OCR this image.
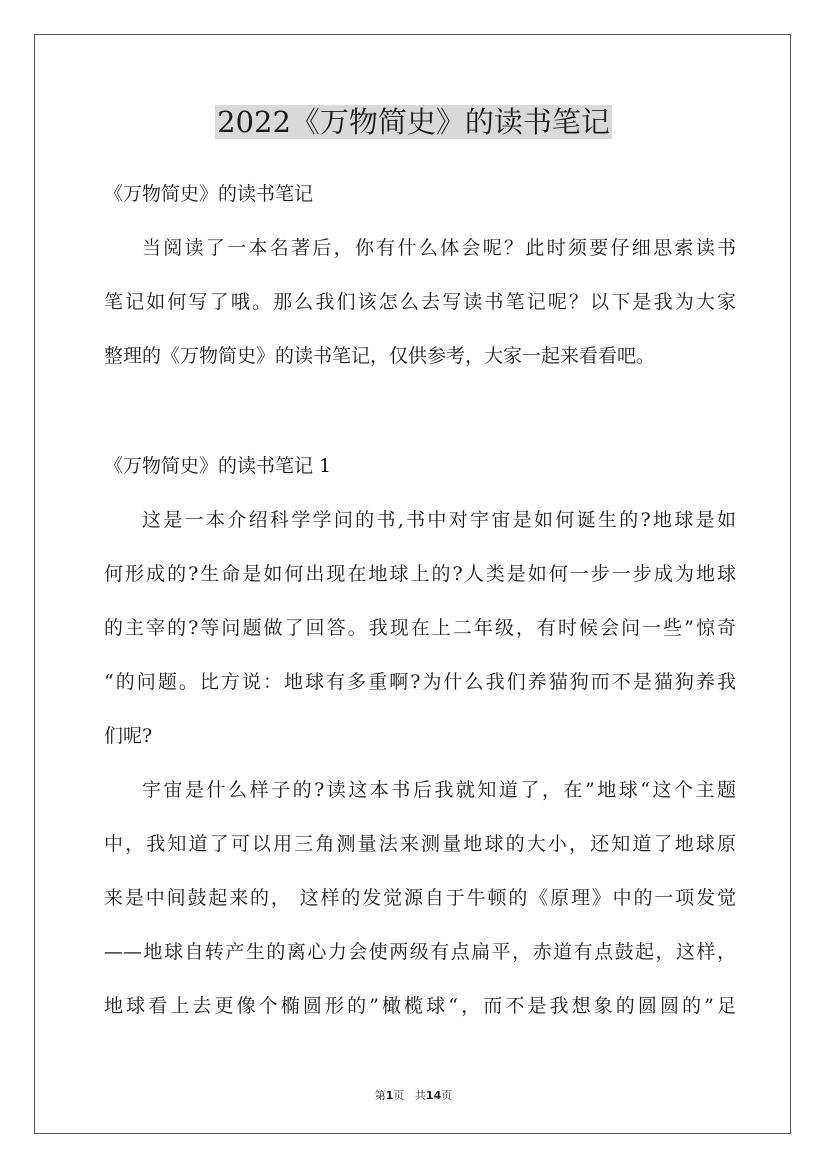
2022《万物简史》的读书笔记
《万物简史》的读书笔记
当阅读了一本名著后，你有什么体会呢？此时须要仔细思索读书
笔记如何写了哦。那么我们该怎么去写读书笔记呢？以下是我为大家
整理的《万物简史》的读书笔记，仅供参考，大家一起来看看吧。
《万物简史》的读书笔记 1
这是一本介绍科学学问的书,书中对宇宙是如何诞生的?地球是如
何形成的?生命是如何出现在地球上的?人类是如何一步一步成为地球
的主宰的?等问题做了回答。我现在上二年级，有时候会问一些”惊奇
“的问题。比方说：地球有多重啊?为什么我们养猫狗而不是猫狗养我
们呢?
宇宙是什么样子的?读这本书后我就知道了，在”地球“这个主题
中，我知道了可以用三角测量法来测量地球的大小，还知道了地球原
来是中间鼓起来的， 这样的发觉源自于牛顿的《原理》中的一项发觉
——地球自转产生的离心力会使两级有点扁平，赤道有点鼓起，这样，
地球看上去更像个椭圆形的”橄榄球“，而不是我想象的圆圆的”足
第1页 共14页
